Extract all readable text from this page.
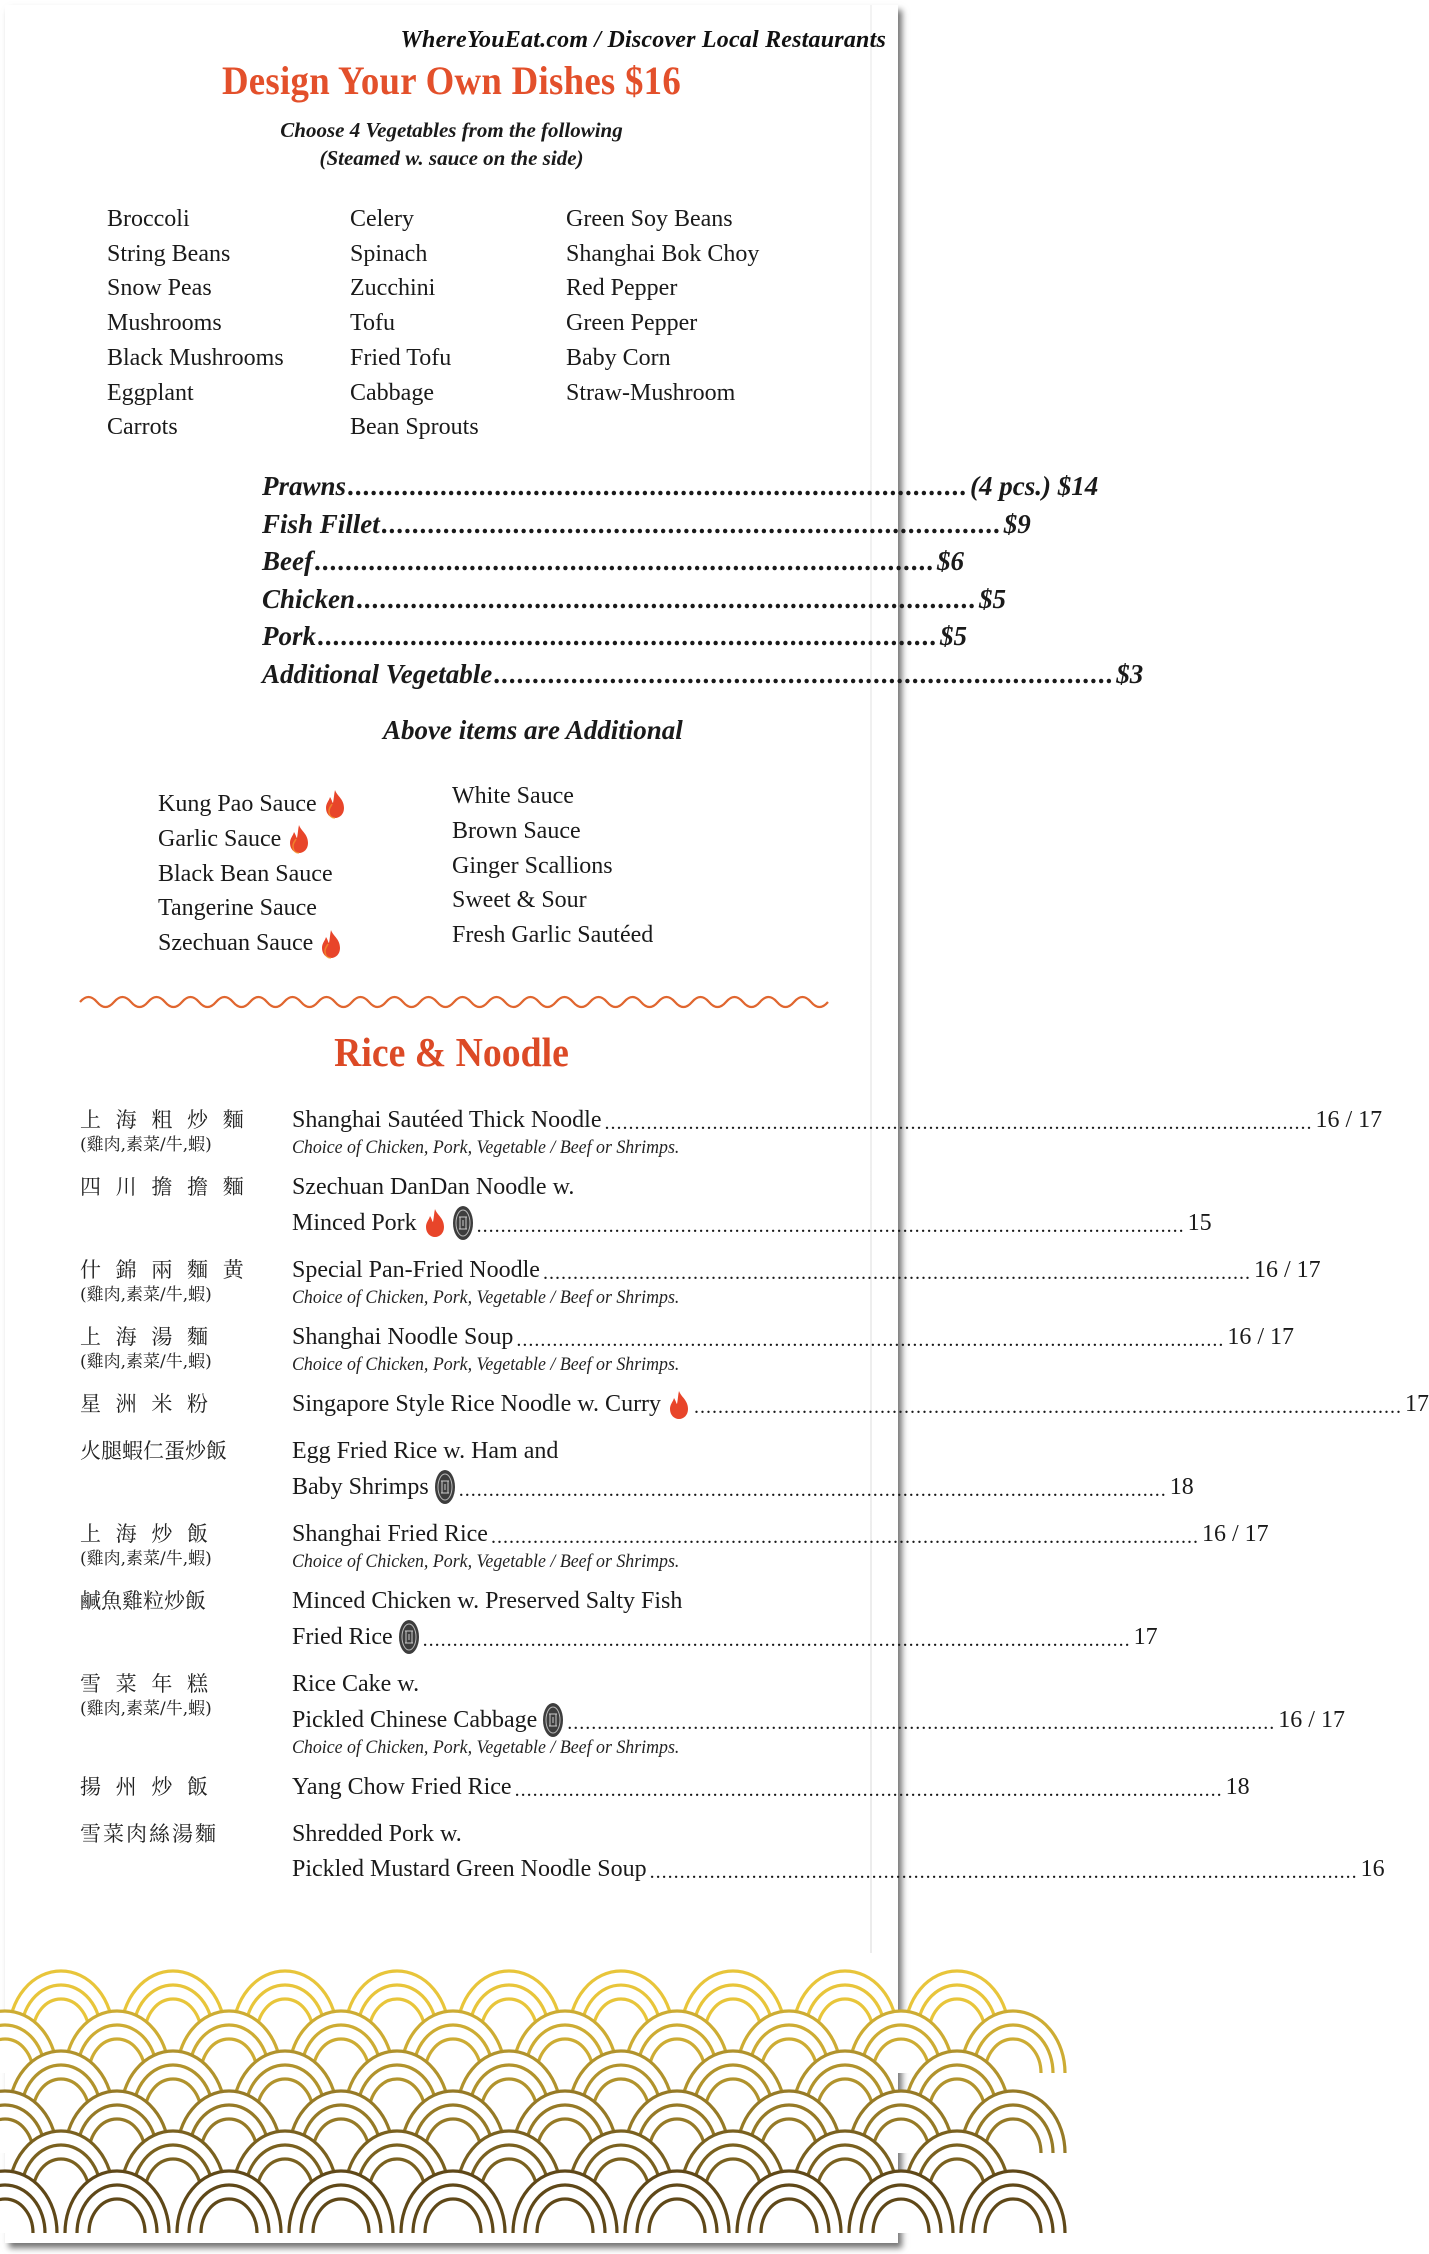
WhereYouEat.com / Discover Local Restaurants
Design Your Own Dishes $16
Choose 4 Vegetables from the following
(Steamed w. sauce on the side)
Broccoli
String Beans
Snow Peas
Mushrooms
Black Mushrooms
Eggplant
Carrots
Celery
Spinach
Zucchini
Tofu
Fried Tofu
Cabbage
Bean Sprouts
Green Soy Beans
Shanghai Bok Choy
Red Pepper
Green Pepper
Baby Corn
Straw-Mushroom
Prawns .....	(4 pcs.) $14
Fish Fillet .....	$9
Beef .....	$6
Chicken .....	$5
Pork .....	$5
Additional Vegetable .....	$3
Above items are Additional
Kung Pao Sauce
Garlic Sauce
Black Bean Sauce
Tangerine Sauce
Szechuan Sauce
White Sauce
Brown Sauce
Ginger Scallions
Sweet & Sour
Fresh Garlic Sautéed
Rice & Noodle
上 海 粗 炒 麵
(雞肉,素菜/牛,蝦)
Shanghai Sautéed Thick Noodle .....	16 / 17
Choice of Chicken, Pork, Vegetable / Beef or Shrimps.
四 川 擔 擔 麵	Szechuan DanDan Noodle w.
Minced Pork .....	15
什 錦 兩 麵 黄
(雞肉,素菜/牛,蝦)
Special Pan-Fried Noodle .....	16 / 17
Choice of Chicken, Pork, Vegetable / Beef or Shrimps.
上 海 湯 麵
(雞肉,素菜/牛,蝦)
Shanghai Noodle Soup .....	16 / 17
Choice of Chicken, Pork, Vegetable / Beef or Shrimps.
星 洲 米 粉	Singapore Style Rice Noodle w. Curry .....	17
火腿蝦仁蛋炒飯	Egg Fried Rice w. Ham and
Baby Shrimps .....	18
上 海 炒 飯
(雞肉,素菜/牛,蝦)
Shanghai Fried Rice .....	16 / 17
Choice of Chicken, Pork, Vegetable / Beef or Shrimps.
鹹魚雞粒炒飯	Minced Chicken w. Preserved Salty Fish
Fried Rice .....	17
雪 菜 年 糕
(雞肉,素菜/牛,蝦)
Rice Cake w.
Pickled Chinese Cabbage .....	16 / 17
Choice of Chicken, Pork, Vegetable / Beef or Shrimps.
揚 州 炒 飯	Yang Chow Fried Rice .....	18
雪菜肉絲湯麵	Shredded Pork w.
Pickled Mustard Green Noodle Soup .....	16
